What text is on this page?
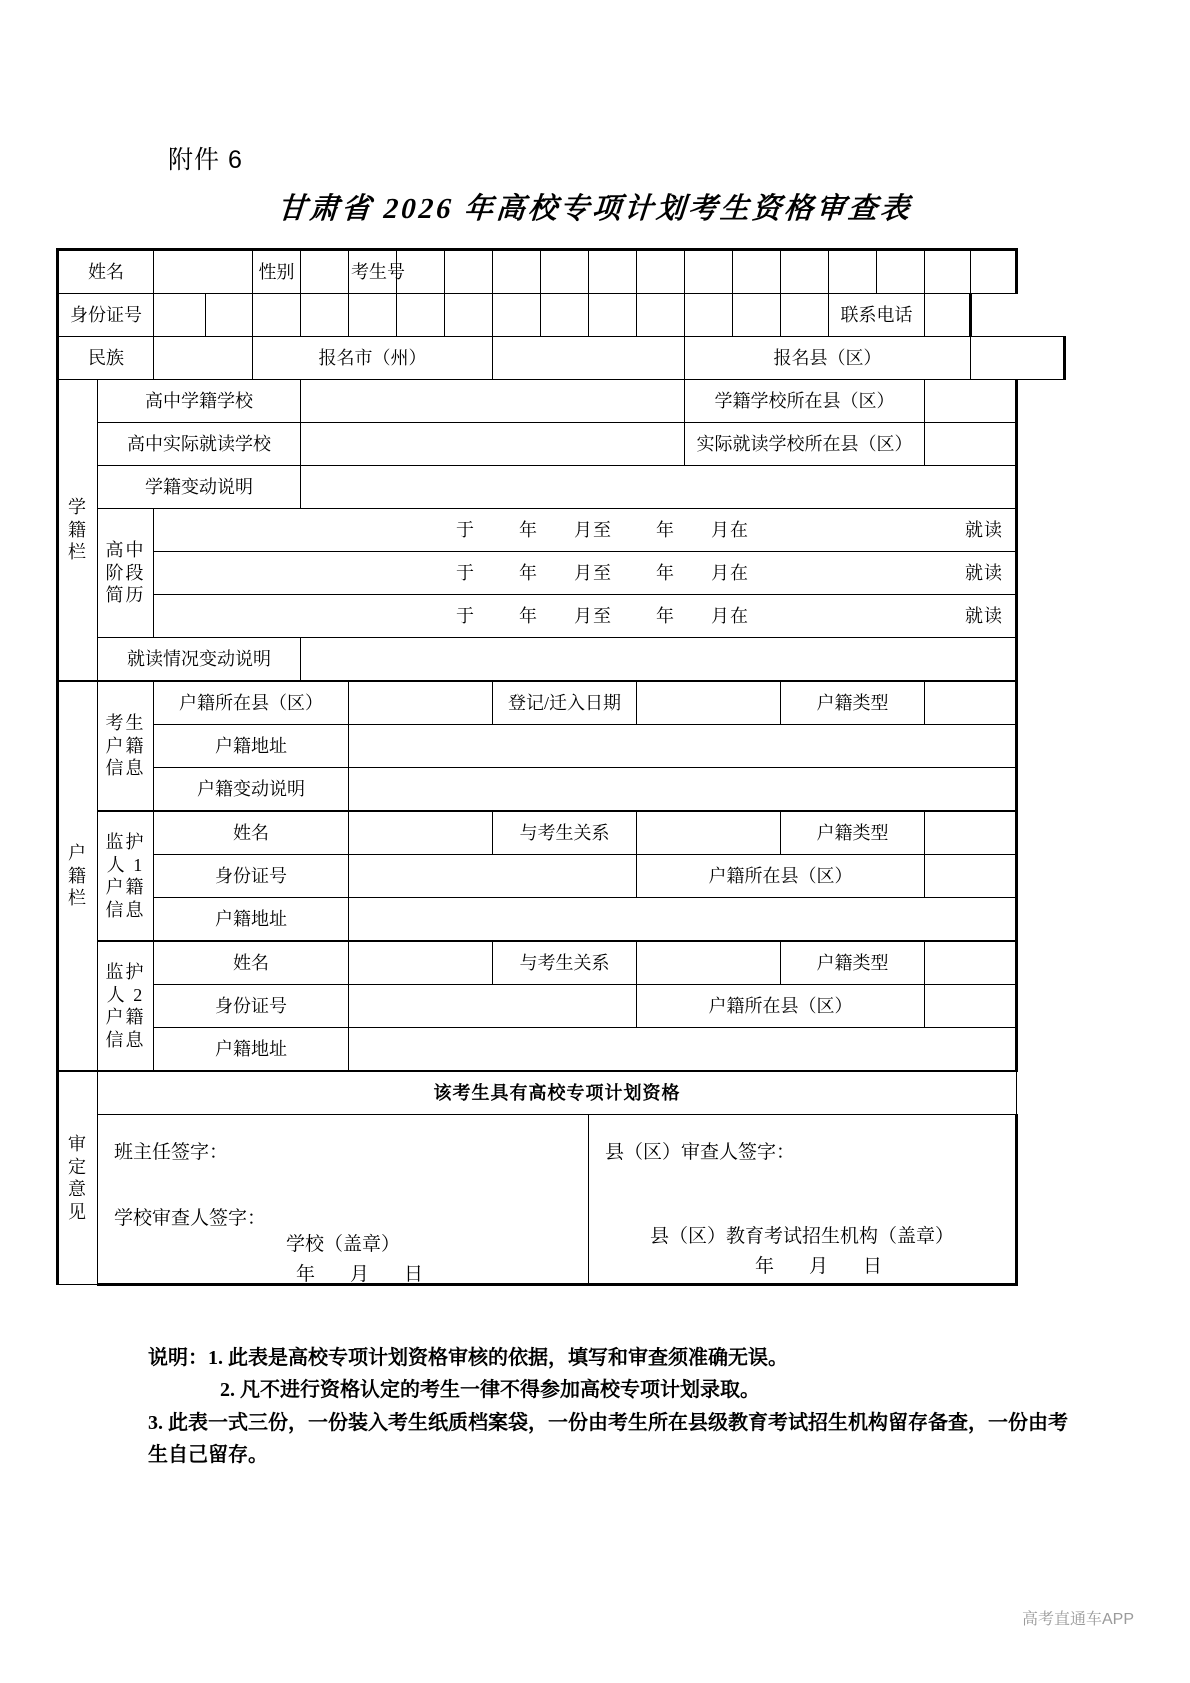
附件 6
甘肃省 2026 年高校专项计划考生资格审查表
姓名				性别		考生号													
身份证号																联系电话			
民族				报名市（州）									报名县（区）						

学
籍
栏	高中学籍学校												学籍学校所在县（区）						
	高中实际就读学校												实际就读学校所在县（区）						
	学籍变动说明																		

	高中
阶段
简历	于 年 月至 年 月在 就读																	

		于 年 月至 年 月在 就读																	

		于 年 月至 年 月在 就读																	

	就读情况变动说明																		

户
籍
栏	考生
户籍
信息	户籍所在县（区）							登记/迁入日期						户籍类型				
		户籍地址																	
		户籍变动说明																	

	监护人 1
户籍信息	姓名							与考生关系						户籍类型				
		身份证号										户籍所在县（区）							
		户籍地址																	

	监护人 2
户籍信息	姓名							与考生关系						户籍类型				
		身份证号										户籍所在县（区）							
		户籍地址																	
审 定 意 见	该考生具有高校专项计划资格																		

班主任签字：
学校审查人签字：
学校（盖章）
年 月 日

县（区）审查人签字：
县（区）教育考试招生机构（盖章）
年 月 日
说明：1. 此表是高校专项计划资格审核的依据，填写和审查须准确无误。
2. 凡不进行资格认定的考生一律不得参加高校专项计划录取。
3. 此表一式三份，一份装入考生纸质档案袋，一份由考生所在县级教育考试招生机构留存备查，一份由考生自己留存。
高考直通车APP
